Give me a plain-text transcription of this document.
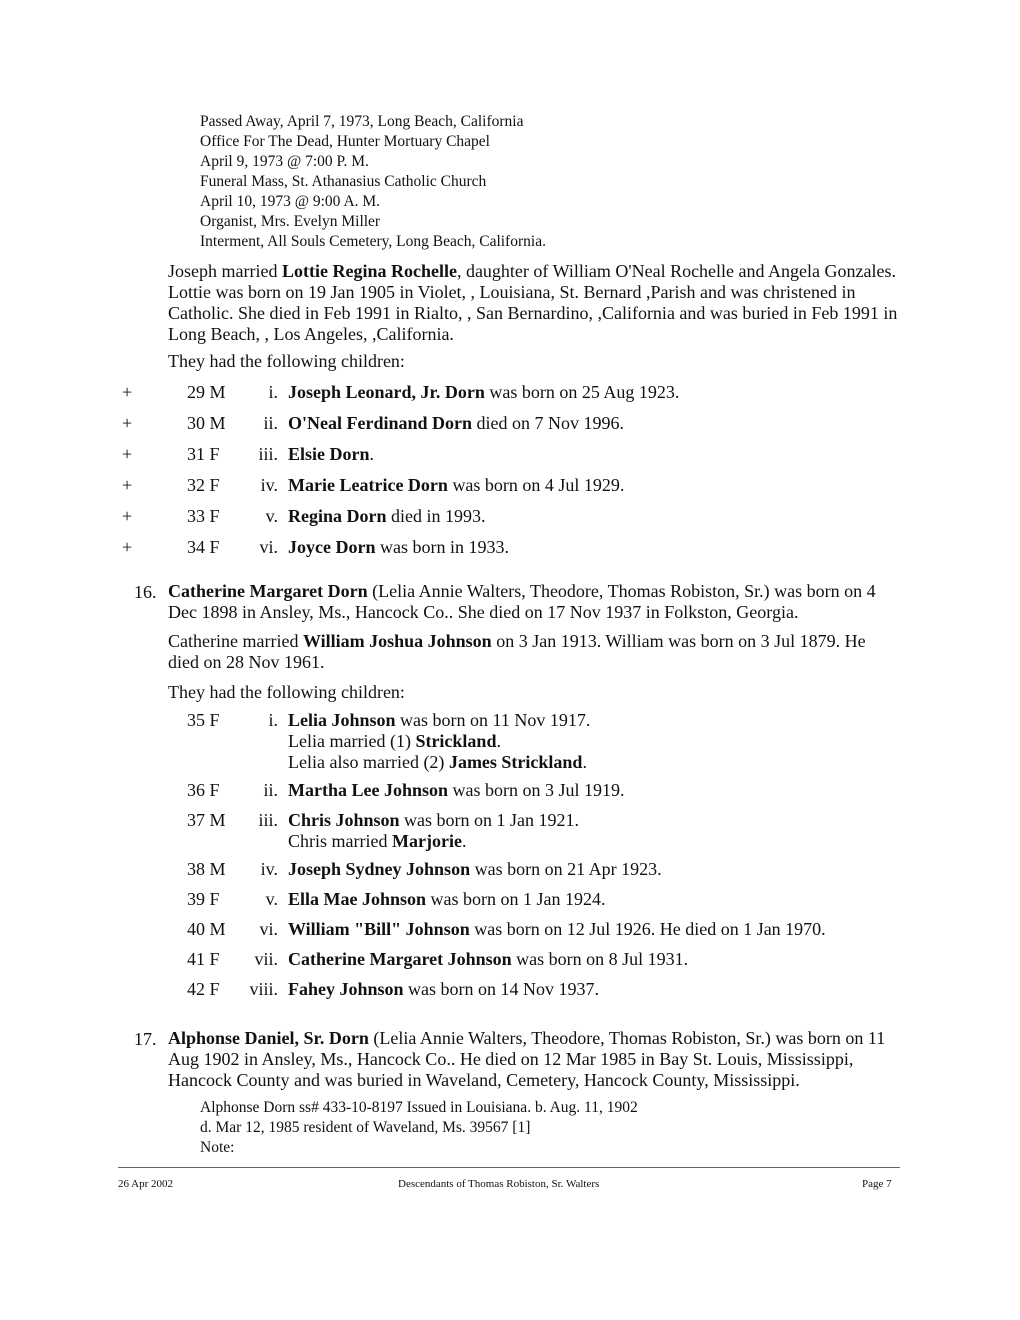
Passed Away, April 7, 1973, Long Beach, California
Office For The Dead, Hunter Mortuary Chapel
April 9, 1973 @ 7:00 P. M.
Funeral Mass, St. Athanasius Catholic Church
April 10, 1973 @ 9:00 A. M.
Organist, Mrs. Evelyn Miller
Interment, All Souls Cemetery, Long Beach, California.
Joseph married Lottie Regina Rochelle, daughter of William O'Neal Rochelle and Angela Gonzales. Lottie was born on 19 Jan 1905 in Violet, , Louisiana, St. Bernard ,Parish and was christened in Catholic. She died in Feb 1991 in Rialto, , San Bernardino, ,California and was buried in Feb 1991 in Long Beach, , Los Angeles, ,California.
They had the following children:
+	29 M	i. Joseph Leonard, Jr. Dorn was born on 25 Aug 1923.
+	30 M	ii. O'Neal Ferdinand Dorn died on 7 Nov 1996.
+	31 F	iii. Elsie Dorn.
+	32 F	iv. Marie Leatrice Dorn was born on 4 Jul 1929.
+	33 F	v. Regina Dorn died in 1993.
+	34 F	vi. Joyce Dorn was born in 1933.
16. Catherine Margaret Dorn (Lelia Annie Walters, Theodore, Thomas Robiston, Sr.) was born on 4 Dec 1898 in Ansley, Ms., Hancock Co.. She died on 17 Nov 1937 in Folkston, Georgia.
Catherine married William Joshua Johnson on 3 Jan 1913. William was born on 3 Jul 1879. He died on 28 Nov 1961.
They had the following children:
35 F	i. Lelia Johnson was born on 11 Nov 1917.
Lelia married (1) Strickland.
Lelia also married (2) James Strickland.
36 F	ii. Martha Lee Johnson was born on 3 Jul 1919.
37 M	iii. Chris Johnson was born on 1 Jan 1921.
Chris married Marjorie.
38 M	iv. Joseph Sydney Johnson was born on 21 Apr 1923.
39 F	v. Ella Mae Johnson was born on 1 Jan 1924.
40 M	vi. William "Bill" Johnson was born on 12 Jul 1926. He died on 1 Jan 1970.
41 F	vii. Catherine Margaret Johnson was born on 8 Jul 1931.
42 F	viii. Fahey Johnson was born on 14 Nov 1937.
17. Alphonse Daniel, Sr. Dorn (Lelia Annie Walters, Theodore, Thomas Robiston, Sr.) was born on 11 Aug 1902 in Ansley, Ms., Hancock Co.. He died on 12 Mar 1985 in Bay St. Louis, Mississippi, Hancock County and was buried in Waveland, Cemetery, Hancock County, Mississippi.
Alphonse Dorn ss# 433-10-8197 Issued in Louisiana. b. Aug. 11, 1902
d. Mar 12, 1985 resident of Waveland, Ms. 39567 [1]
Note:
26 Apr 2002	Descendants of Thomas Robiston, Sr. Walters	Page 7
